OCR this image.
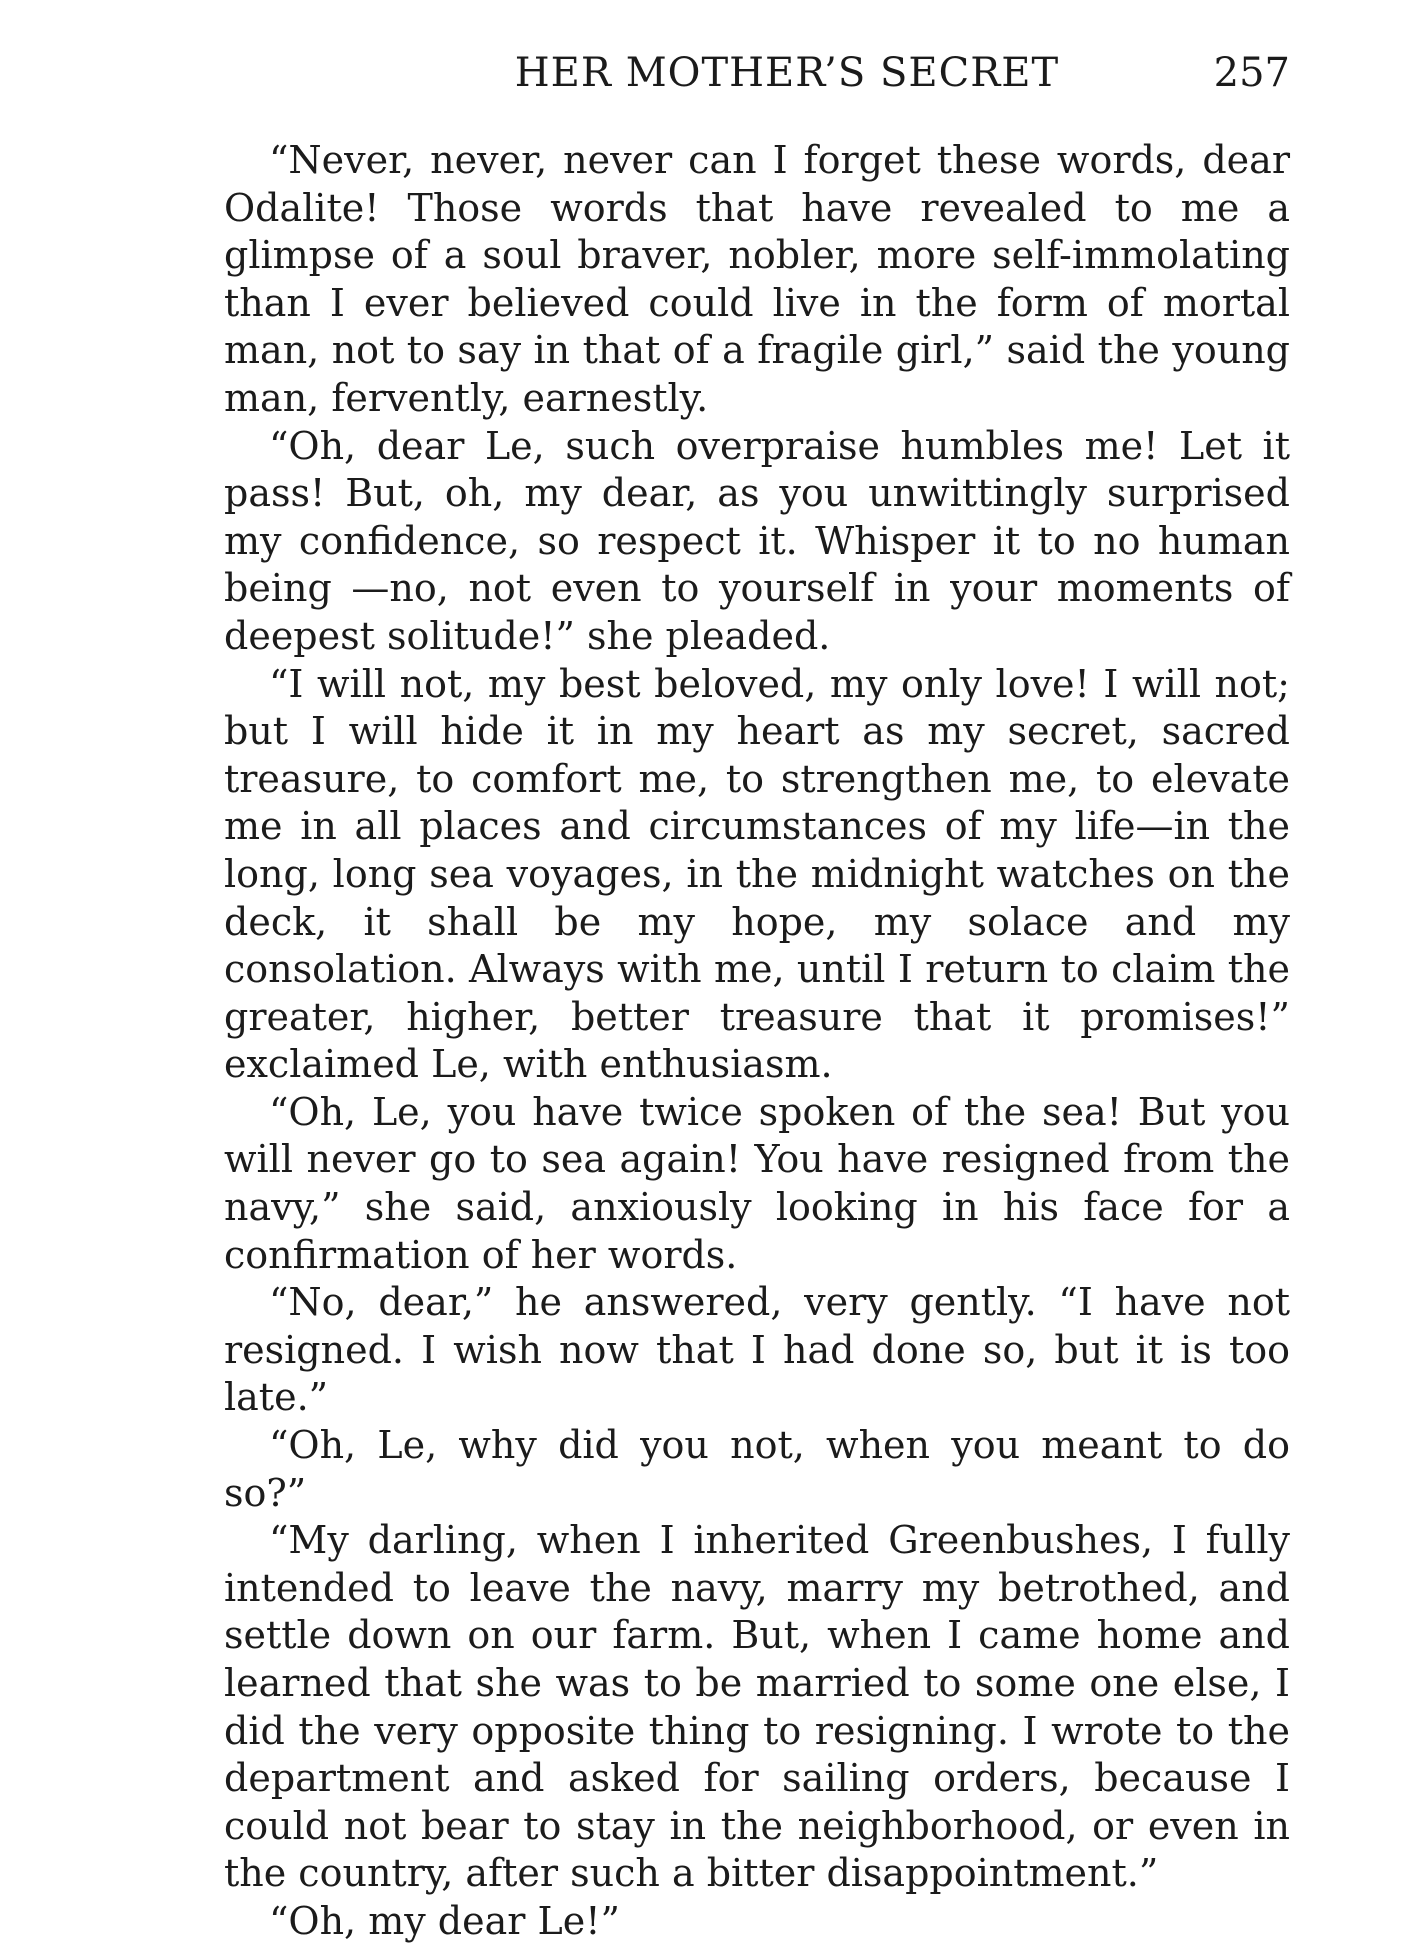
HER MOTHER’S SECRET	257

“Never, never, never can I forget these words, dear Odalite! Those words that have revealed to me a glimpse of a soul braver, nobler, more self-immolating than I ever believed could live in the form of mortal man, not to say in that of a fragile girl,” said the young man, fervently, earnestly.

“Oh, dear Le, such overpraise humbles me! Let it pass! But, oh, my dear, as you unwittingly surprised my confidence, so respect it. Whisper it to no human being —no, not even to yourself in your moments of deepest solitude!” she pleaded.

“I will not, my best beloved, my only love! I will not; but I will hide it in my heart as my secret, sacred treasure, to comfort me, to strengthen me, to elevate me in all places and circumstances of my life—in the long, long sea voyages, in the midnight watches on the deck, it shall be my hope, my solace and my consolation. Always with me, until I return to claim the greater, higher, better treasure that it promises!” exclaimed Le, with enthusiasm.

“Oh, Le, you have twice spoken of the sea! But you will never go to sea again! You have resigned from the navy,” she said, anxiously looking in his face for a confirmation of her words.

“No, dear,” he answered, very gently. “I have not resigned. I wish now that I had done so, but it is too late.”

“Oh, Le, why did you not, when you meant to do so?”

“My darling, when I inherited Greenbushes, I fully intended to leave the navy, marry my betrothed, and settle down on our farm. But, when I came home and learned that she was to be married to some one else, I did the very opposite thing to resigning. I wrote to the department and asked for sailing orders, because I could not bear to stay in the neighborhood, or even in the country, after such a bitter disappointment.”

“Oh, my dear Le!”
